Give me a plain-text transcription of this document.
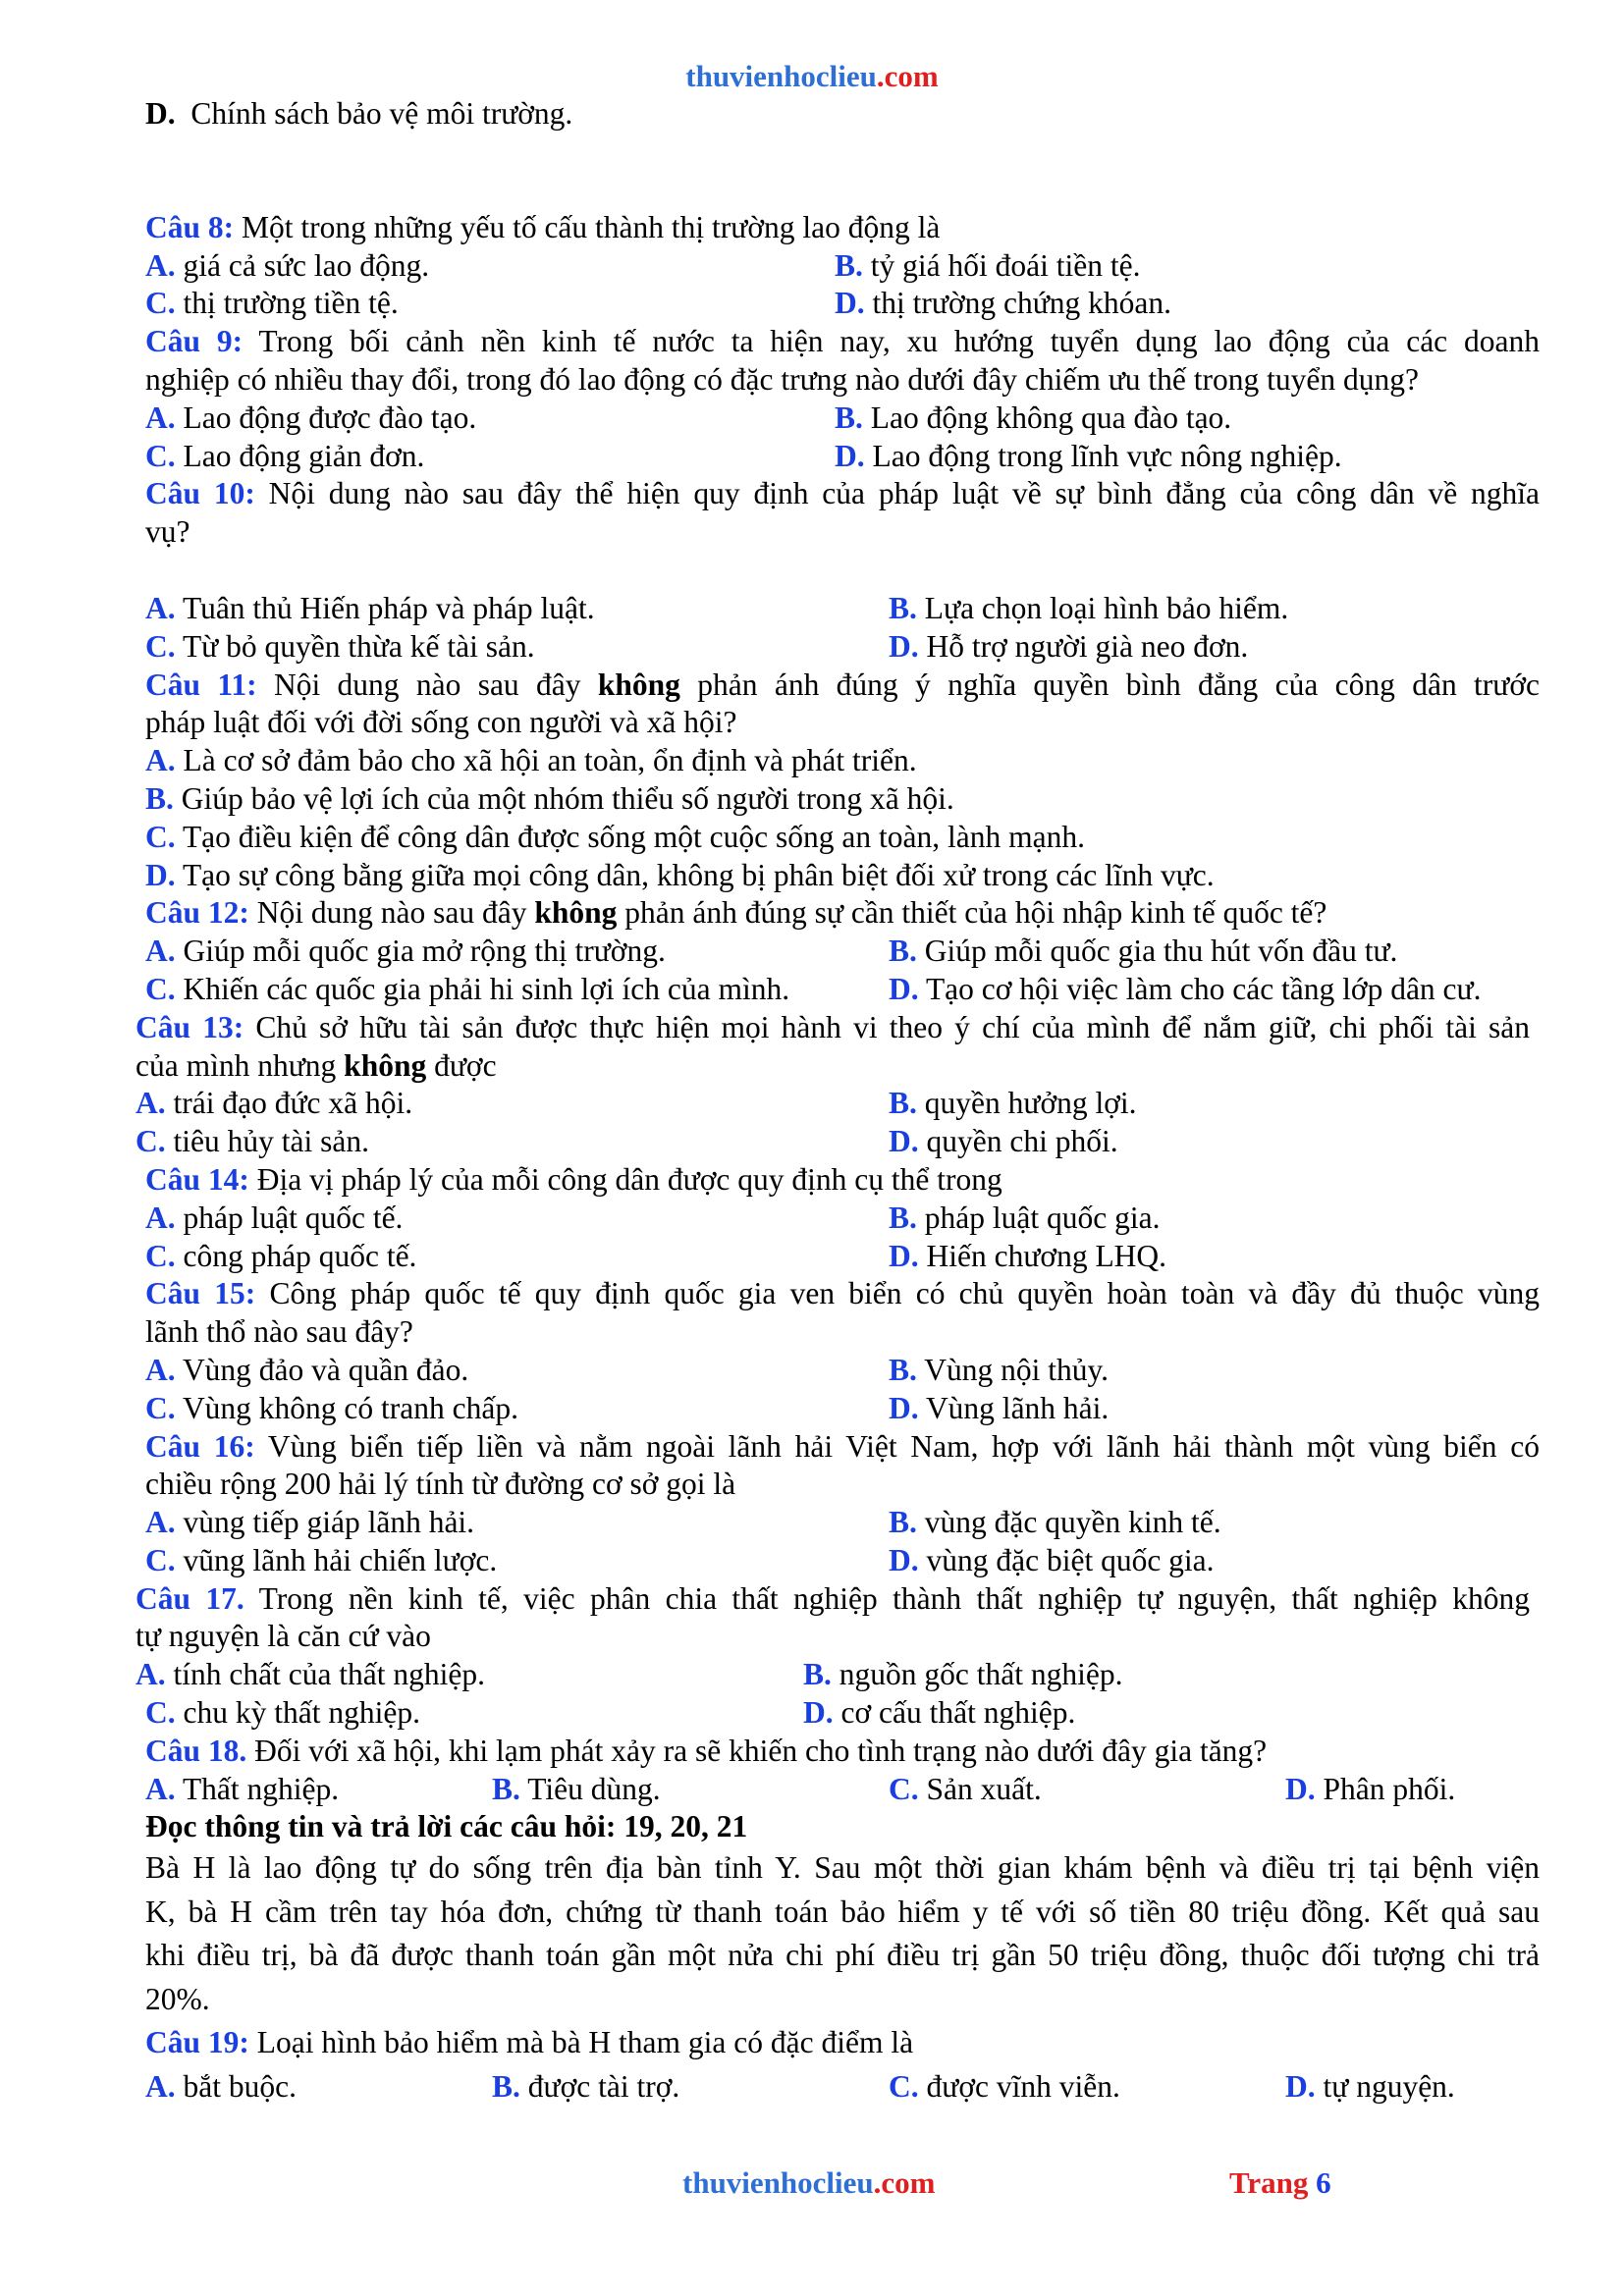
thuvienhoclieu.com
D. Chính sách bảo vệ môi trường.
Câu 8: Một trong những yếu tố cấu thành thị trường lao động là
A. giá cả sức lao động.	B. tỷ giá hối đoái tiền tệ.
C. thị trường tiền tệ.	D. thị trường chứng khóan.
Câu 9: Trong bối cảnh nền kinh tế nước ta hiện nay, xu hướng tuyển dụng lao động của các doanh
nghiệp có nhiều thay đổi, trong đó lao động có đặc trưng nào dưới đây chiếm ưu thế trong tuyển dụng?
A. Lao động được đào tạo.	B. Lao động không qua đào tạo.
C. Lao động giản đơn.	D. Lao động trong lĩnh vực nông nghiệp.
Câu 10: Nội dung nào sau đây thể hiện quy định của pháp luật về sự bình đẳng của công dân về nghĩa
vụ?
A. Tuân thủ Hiến pháp và pháp luật.	B. Lựa chọn loại hình bảo hiểm.
C. Từ bỏ quyền thừa kế tài sản.	D. Hỗ trợ người già neo đơn.
Câu 11: Nội dung nào sau đây không phản ánh đúng ý nghĩa quyền bình đẳng của công dân trước
pháp luật đối với đời sống con người và xã hội?
A. Là cơ sở đảm bảo cho xã hội an toàn, ổn định và phát triển.
B. Giúp bảo vệ lợi ích của một nhóm thiểu số người trong xã hội.
C. Tạo điều kiện để công dân được sống một cuộc sống an toàn, lành mạnh.
D. Tạo sự công bằng giữa mọi công dân, không bị phân biệt đối xử trong các lĩnh vực.
Câu 12: Nội dung nào sau đây không phản ánh đúng sự cần thiết của hội nhập kinh tế quốc tế?
A. Giúp mỗi quốc gia mở rộng thị trường.	B. Giúp mỗi quốc gia thu hút vốn đầu tư.
C. Khiến các quốc gia phải hi sinh lợi ích của mình.	D. Tạo cơ hội việc làm cho các tầng lớp dân cư.
Câu 13: Chủ sở hữu tài sản được thực hiện mọi hành vi theo ý chí của mình để nắm giữ, chi phối tài sản
của mình nhưng không được
A. trái đạo đức xã hội.	B. quyền hưởng lợi.
C. tiêu hủy tài sản.	D. quyền chi phối.
Câu 14: Địa vị pháp lý của mỗi công dân được quy định cụ thể trong
A. pháp luật quốc tế.	B. pháp luật quốc gia.
C. công pháp quốc tế.	D. Hiến chương LHQ.
Câu 15: Công pháp quốc tế quy định quốc gia ven biển có chủ quyền hoàn toàn và đầy đủ thuộc vùng
lãnh thổ nào sau đây?
A. Vùng đảo và quần đảo.	B. Vùng nội thủy.
C. Vùng không có tranh chấp.	D. Vùng lãnh hải.
Câu 16: Vùng biển tiếp liền và nằm ngoài lãnh hải Việt Nam, hợp với lãnh hải thành một vùng biển có
chiều rộng 200 hải lý tính từ đường cơ sở gọi là
A. vùng tiếp giáp lãnh hải.	B. vùng đặc quyền kinh tế.
C. vũng lãnh hải chiến lược.	D. vùng đặc biệt quốc gia.
Câu 17. Trong nền kinh tế, việc phân chia thất nghiệp thành thất nghiệp tự nguyện, thất nghiệp không
tự nguyện là căn cứ vào
A. tính chất của thất nghiệp.	B. nguồn gốc thất nghiệp.
C. chu kỳ thất nghiệp.	D. cơ cấu thất nghiệp.
Câu 18. Đối với xã hội, khi lạm phát xảy ra sẽ khiến cho tình trạng nào dưới đây gia tăng?
A. Thất nghiệp.	B. Tiêu dùng.	C. Sản xuất.	D. Phân phối.
Đọc thông tin và trả lời các câu hỏi: 19, 20, 21
Bà H là lao động tự do sống trên địa bàn tỉnh Y. Sau một thời gian khám bệnh và điều trị tại bệnh viện
K, bà H cầm trên tay hóa đơn, chứng từ thanh toán bảo hiểm y tế với số tiền 80 triệu đồng. Kết quả sau
khi điều trị, bà đã được thanh toán gần một nửa chi phí điều trị gần 50 triệu đồng, thuộc đối tượng chi trả
20%.
Câu 19: Loại hình bảo hiểm mà bà H tham gia có đặc điểm là
A. bắt buộc.	B. được tài trợ.	C. được vĩnh viễn.	D. tự nguyện.
thuvienhoclieu.com	Trang 6
